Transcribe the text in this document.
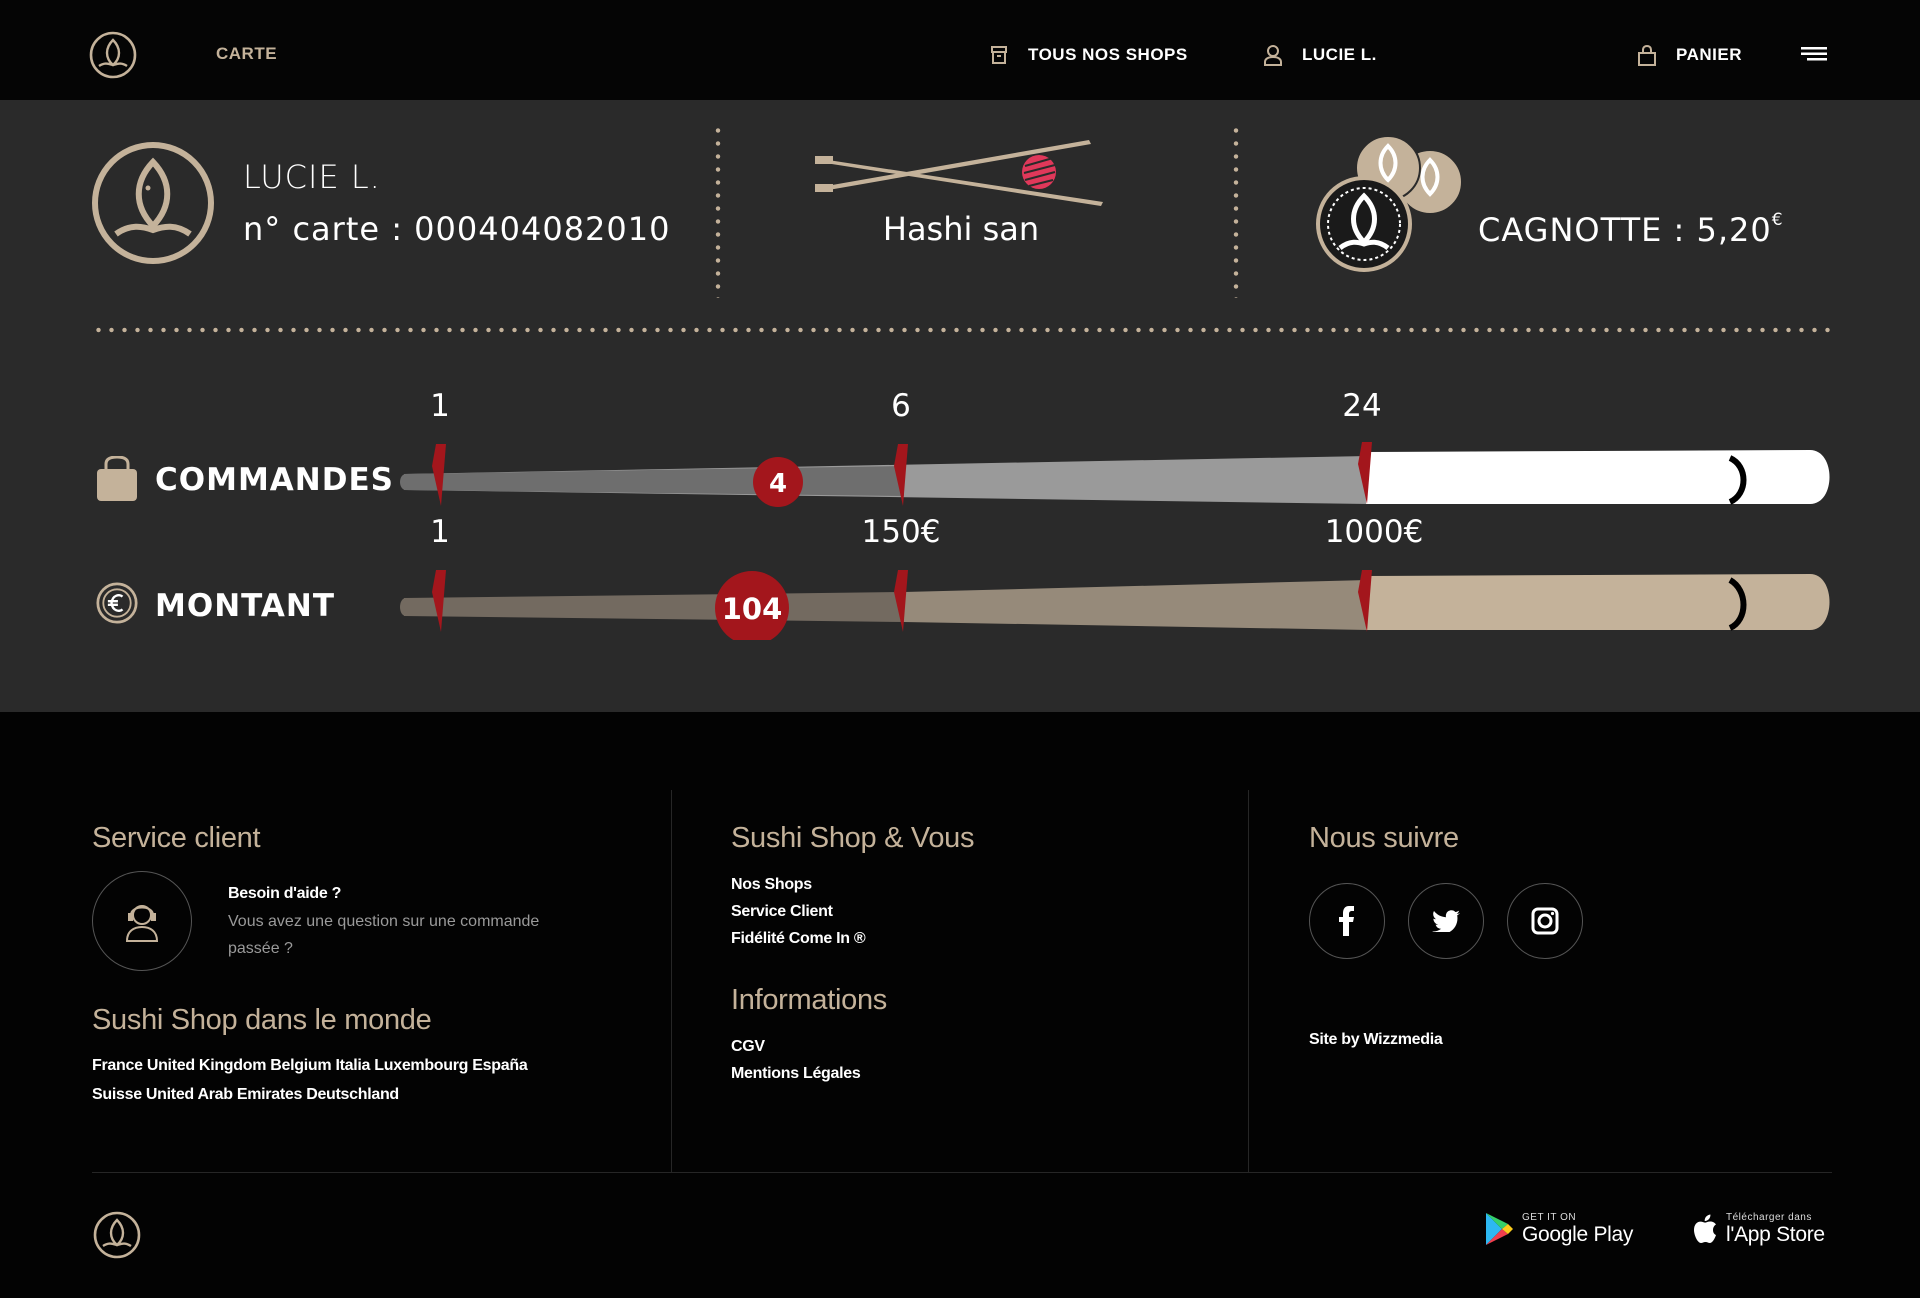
CARTE	TOUS NOS SHOPS	LUCIE L.	PANIER
LUCIE L.
n° carte : 000404082010	Hashi san	CAGNOTTE : 5,20€
COMMANDES
MONTANT
1	6	24
1	150€	1000€
4
104
Service client
Besoin d'aide ?
Vous avez une question sur une commande passée ?
Sushi Shop dans le monde
France United Kingdom Belgium Italia Luxembourg España
Suisse United Arab Emirates Deutschland
Sushi Shop & Vous
Nos Shops
Service Client
Fidélité Come In ®
Informations
CGV
Mentions Légales
Nous suivre
Site by Wizzmedia
GET IT ON
Google Play
Télécharger dans
l'App Store
